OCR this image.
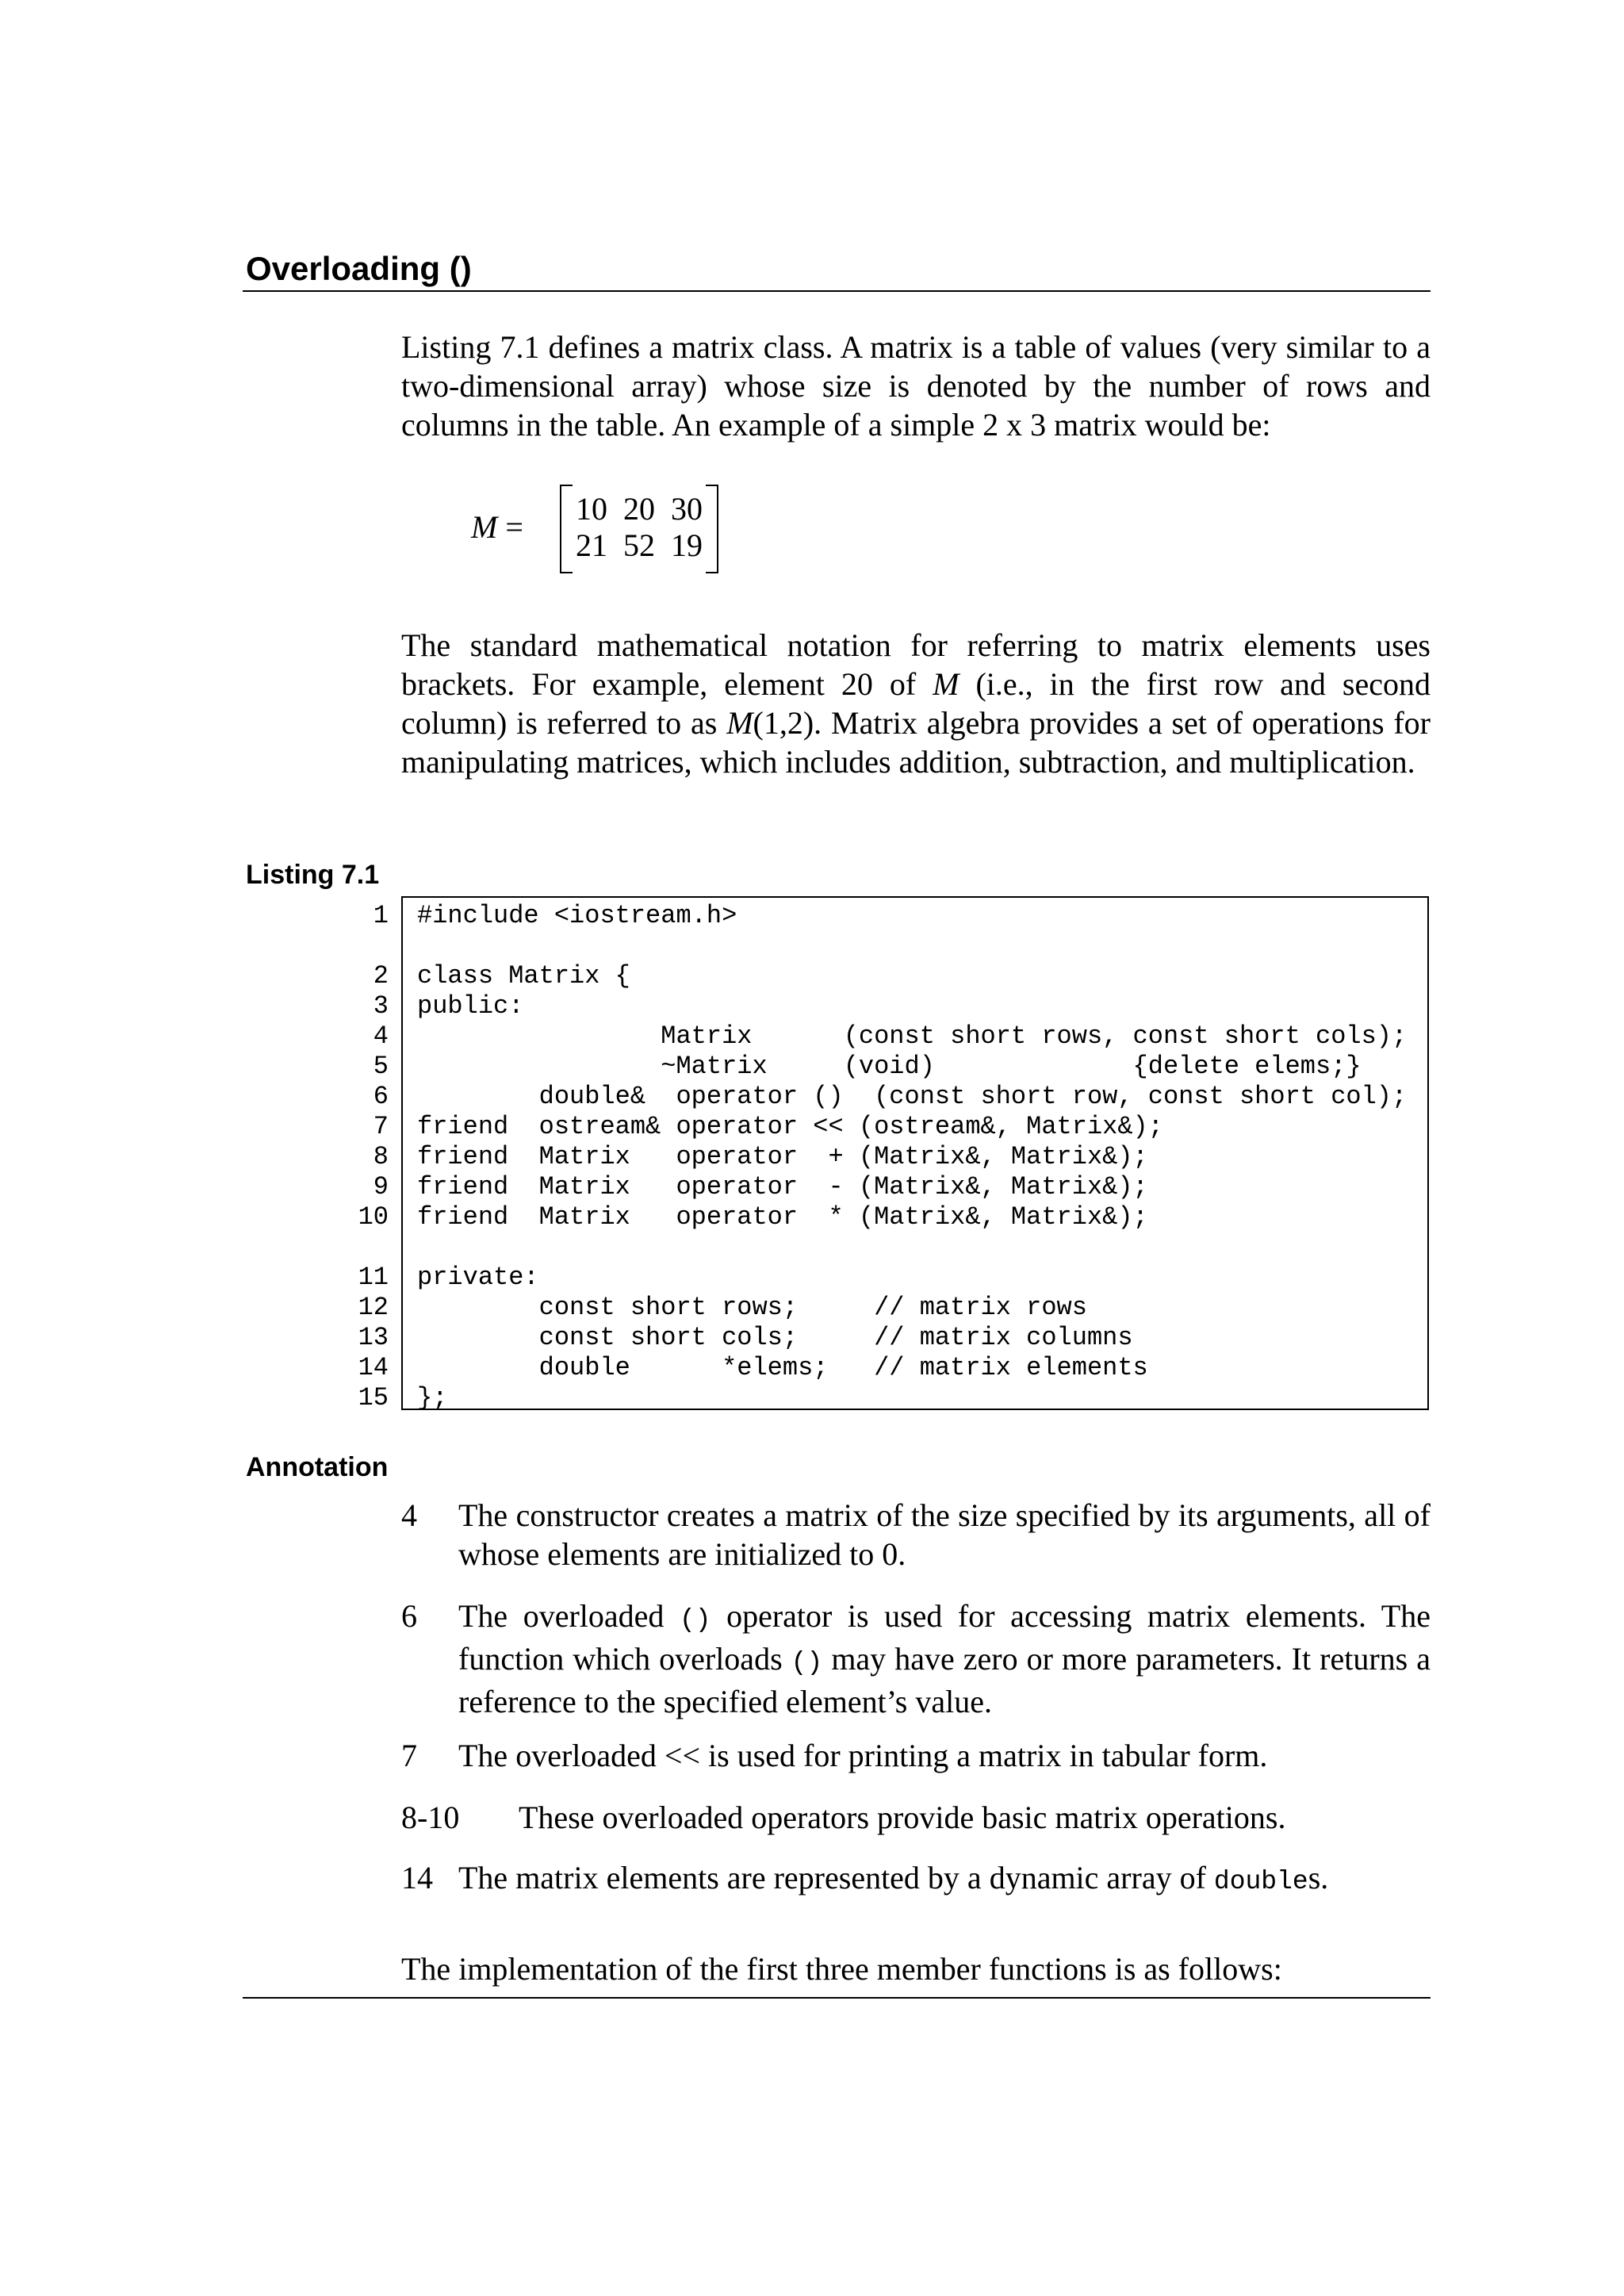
Overloading ()
Listing 7.1 defines a matrix class. A matrix is a table of values (very similar to a two-dimensional array) whose size is denoted by the number of rows and columns in the table. An example of a simple 2 x 3 matrix would be:
M =
10 20 30
21 52 19
The standard mathematical notation for referring to matrix elements uses brackets. For example, element 20 of M (i.e., in the first row and second column) is referred to as M(1,2). Matrix algebra provides a set of operations for manipulating matrices, which includes addition, subtraction, and multiplication.
Listing 7.1
1
2
3
4
5
6
7
8
9
10
11
12
13
14
15
#include <iostream.h>
class Matrix {
public:
Matrix      (const short rows, const short cols);
~Matrix     (void)             {delete elems;}
double&  operator ()  (const short row, const short col);
friend  ostream& operator << (ostream&, Matrix&);
friend  Matrix   operator  + (Matrix&, Matrix&);
friend  Matrix   operator  - (Matrix&, Matrix&);
friend  Matrix   operator  * (Matrix&, Matrix&);
private:
const short rows;     // matrix rows
const short cols;     // matrix columns
double      *elems;   // matrix elements
};
Annotation
4 The constructor creates a matrix of the size specified by its arguments, all of whose elements are initialized to 0.
6 The overloaded () operator is used for accessing matrix elements. The function which overloads () may have zero or more parameters. It returns a reference to the specified element’s value.
7 The overloaded << is used for printing a matrix in tabular form.
8-10 These overloaded operators provide basic matrix operations.
14 The matrix elements are represented by a dynamic array of doubles.
The implementation of the first three member functions is as follows:
